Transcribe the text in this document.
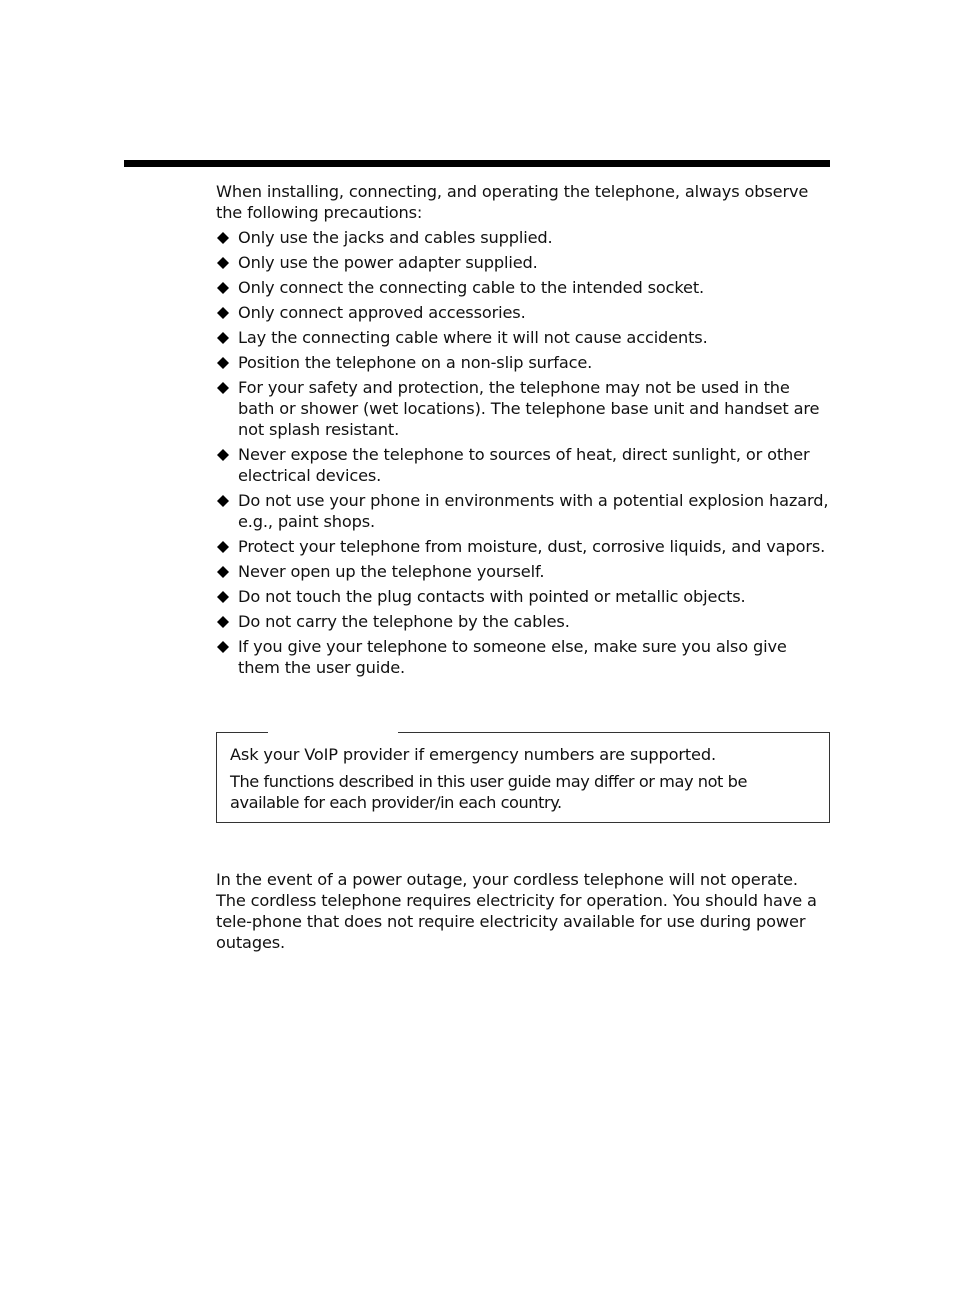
When installing, connecting, and operating the telephone, always observe the following precautions:

Only use the jacks and cables supplied.
Only use the power adapter supplied.
Only connect the connecting cable to the intended socket.
Only connect approved accessories.
Lay the connecting cable where it will not cause accidents.
Position the telephone on a non-slip surface.
For your safety and protection, the telephone may not be used in the bath or shower (wet locations). The telephone base unit and handset are not splash resistant.
Never expose the telephone to sources of heat, direct sunlight, or other electrical devices.
Do not use your phone in environments with a potential explosion hazard, e.g., paint shops.
Protect your telephone from moisture, dust, corrosive liquids, and vapors.
Never open up the telephone yourself.
Do not touch the plug contacts with pointed or metallic objects.
Do not carry the telephone by the cables.
If you give your telephone to someone else, make sure you also give them the user guide.

Ask your VoIP provider if emergency numbers are supported.

The functions described in this user guide may differ or may not be available for each provider/in each country.

In the event of a power outage, your cordless telephone will not operate. The cordless telephone requires electricity for operation. You should have a tele-phone that does not require electricity available for use during power outages.
